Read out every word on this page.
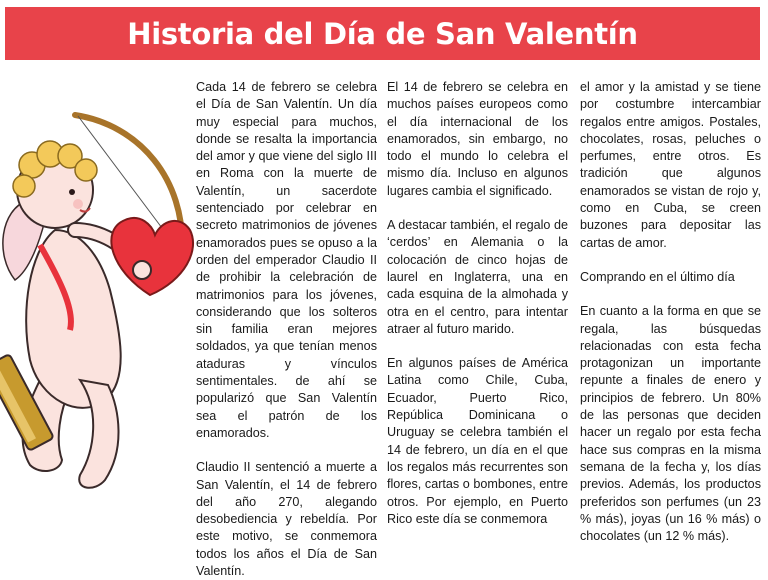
Historia del Día de San Valentín

Cada 14 de febrero se celebra el Día de San Valentín. Un día muy especial para muchos, donde se resalta la importancia del amor y que viene del siglo III en Roma con la muerte de Valentín, un sacerdote sentenciado por celebrar en secreto matrimonios de jóvenes enamorados pues se opuso a la orden del emperador Claudio II de prohibir la celebración de matrimonios para los jóvenes, considerando que los solteros sin familia eran mejores soldados, ya que tenían menos ataduras y vínculos sentimentales. de ahí se popularizó que San Valentín sea el patrón de los enamorados.

Claudio II sentenció a muerte a San Valentín, el 14 de febrero del año 270, alegando desobediencia y rebeldía. Por este motivo, se conmemora todos los años el Día de San Valentín.

El 14 de febrero se celebra en muchos países europeos como el día internacional de los enamorados, sin embargo, no todo el mundo lo celebra el mismo día. Incluso en algunos lugares cambia el significado.

A destacar también, el regalo de ‘cerdos’ en Alemania o la colocación de cinco hojas de laurel en Inglaterra, una en cada esquina de la almohada y otra en el centro, para intentar atraer al futuro marido.

En algunos países de América Latina como Chile, Cuba, Ecuador, Puerto Rico, República Dominicana o Uruguay se celebra también el 14 de febrero, un día en el que los regalos más recurrentes son flores, cartas o bombones, entre otros. Por ejemplo, en Puerto Rico este día se conmemora

el amor y la amistad y se tiene por costumbre intercambiar regalos entre amigos. Postales, chocolates, rosas, peluches o perfumes, entre otros. Es tradición que algunos enamorados se vistan de rojo y, como en Cuba, se creen buzones para depositar las cartas de amor.

Comprando en el último día

En cuanto a la forma en que se regala, las búsquedas relacionadas con esta fecha protagonizan un importante repunte a finales de enero y principios de febrero. Un 80% de las personas que deciden hacer un regalo por esta fecha hace sus compras en la misma semana de la fecha y, los días previos. Además, los productos preferidos son perfumes (un 23 % más), joyas (un 16 % más) o chocolates (un 12 % más).
